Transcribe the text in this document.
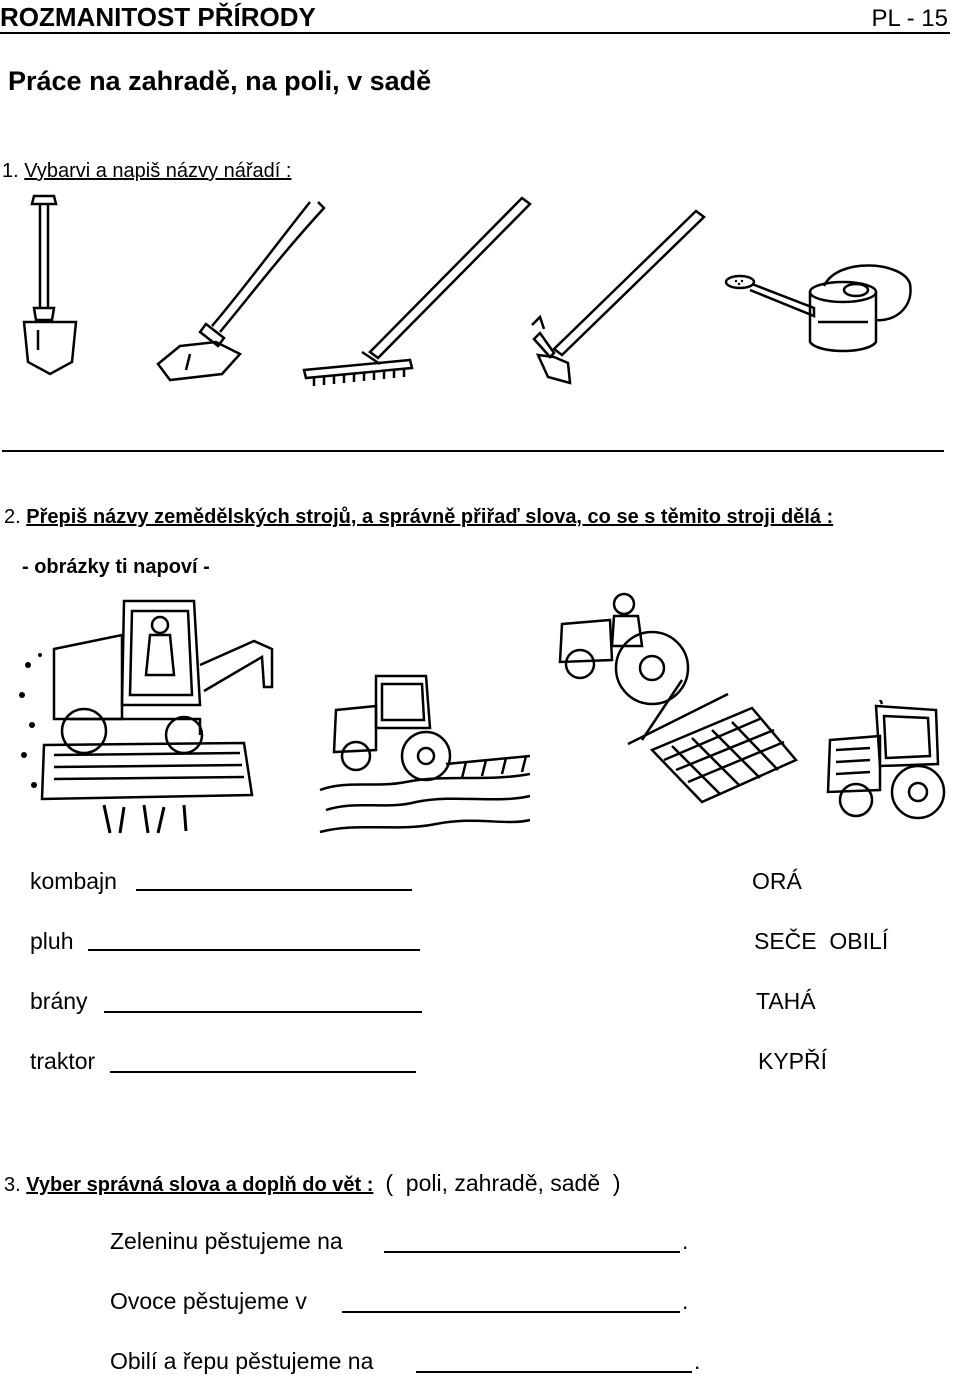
ROZMANITOST PŘÍRODY	PL - 15
Práce na zahradě, na poli, v sadě
1. Vybarvi a napiš názvy nářadí :
2. Přepiš názvy zemědělských strojů, a správně přiřaď slova, co se s těmito stroji dělá :
- obrázky ti napoví -
kombajn
pluh
brány
traktor
ORÁ
SEČE  OBILÍ
TAHÁ
KYPŘÍ
3. Vyber správná slova a doplň do vět :  (  poli, zahradě, sadě  )
Zeleninu pěstujeme na	.
Ovoce pěstujeme v	.
Obilí a řepu pěstujeme na	.
